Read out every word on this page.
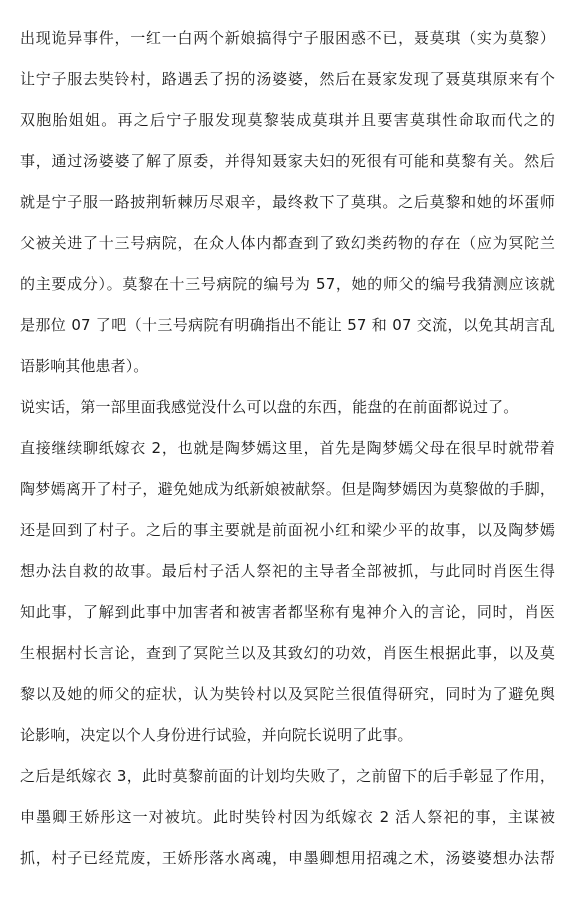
出现诡异事件，一红一白两个新娘搞得宁子服困惑不已，聂莫琪（实为莫黎）
让宁子服去奘铃村，路遇丢了拐的汤婆婆，然后在聂家发现了聂莫琪原来有个
双胞胎姐姐。再之后宁子服发现莫黎装成莫琪并且要害莫琪性命取而代之的
事，通过汤婆婆了解了原委，并得知聂家夫妇的死很有可能和莫黎有关。然后
就是宁子服一路披荆斩棘历尽艰辛，最终救下了莫琪。之后莫黎和她的坏蛋师
父被关进了十三号病院，在众人体内都查到了致幻类药物的存在（应为冥陀兰
的主要成分）。莫黎在十三号病院的编号为 57，她的师父的编号我猜测应该就
是那位 07 了吧（十三号病院有明确指出不能让 57 和 07 交流，以免其胡言乱
语影响其他患者）。
说实话，第一部里面我感觉没什么可以盘的东西，能盘的在前面都说过了。
直接继续聊纸嫁衣 2，也就是陶梦嫣这里，首先是陶梦嫣父母在很早时就带着
陶梦嫣离开了村子，避免她成为纸新娘被献祭。但是陶梦嫣因为莫黎做的手脚，
还是回到了村子。之后的事主要就是前面祝小红和梁少平的故事，以及陶梦嫣
想办法自救的故事。最后村子活人祭祀的主导者全部被抓，与此同时肖医生得
知此事，了解到此事中加害者和被害者都坚称有鬼神介入的言论，同时，肖医
生根据村长言论，查到了冥陀兰以及其致幻的功效，肖医生根据此事，以及莫
黎以及她的师父的症状，认为奘铃村以及冥陀兰很值得研究，同时为了避免舆
论影响，决定以个人身份进行试验，并向院长说明了此事。
之后是纸嫁衣 3，此时莫黎前面的计划均失败了，之前留下的后手彰显了作用，
申墨卿王娇彤这一对被坑。此时奘铃村因为纸嫁衣 2 活人祭祀的事，主谋被
抓，村子已经荒废，王娇彤落水离魂，申墨卿想用招魂之术，汤婆婆想办法帮
